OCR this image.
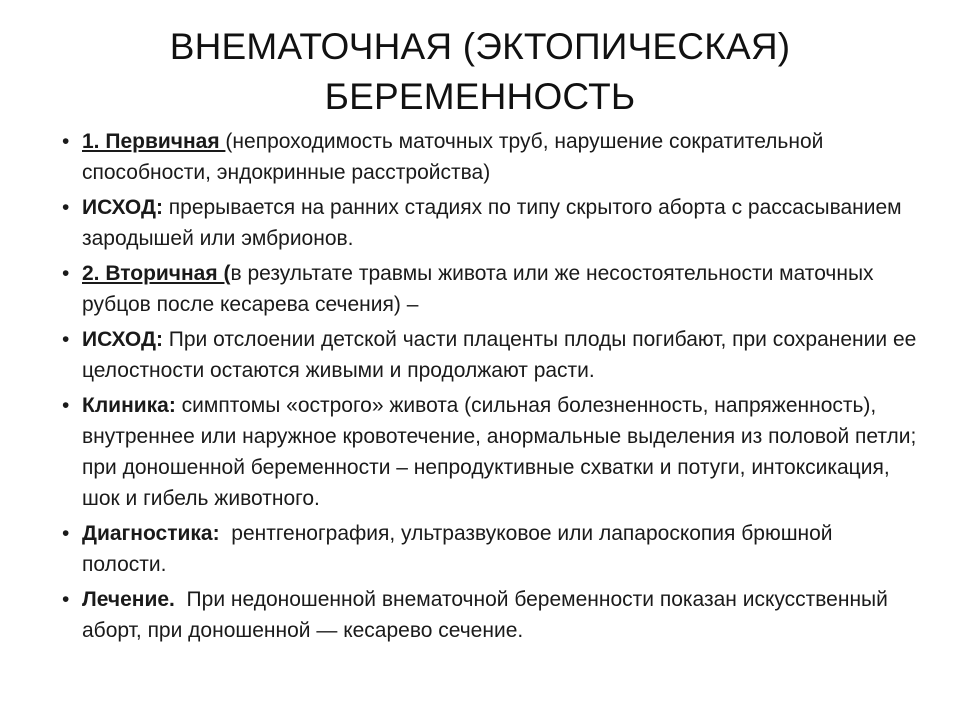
ВНЕМАТОЧНАЯ (ЭКТОПИЧЕСКАЯ)
БЕРЕМЕННОСТЬ
• 1. Первичная (непроходимость маточных труб, нарушение сократительной способности, эндокринные расстройства)
• ИСХОД: прерывается на ранних стадиях по типу скрытого аборта с рассасыванием зародышей или эмбрионов.
• 2. Вторичная (в результате травмы живота или же несостоятельности маточных рубцов после кесарева сечения) –
• ИСХОД: При отслоении детской части плаценты плоды погибают, при сохранении ее целостности остаются живыми и продолжают расти.
• Клиника: симптомы «острого» живота (сильная болезненность, напряженность), внутреннее или наружное кровотечение, анормальные выделения из половой петли; при доношенной беременности – непродуктивные схватки и потуги, интоксикация, шок и гибель животного.
• Диагностика:  рентгенография, ультразвуковое или лапароскопия брюшной полости.
• Лечение.  При недоношенной внематочной беременности показан искусственный аборт, при доношенной — кесарево сечение.
